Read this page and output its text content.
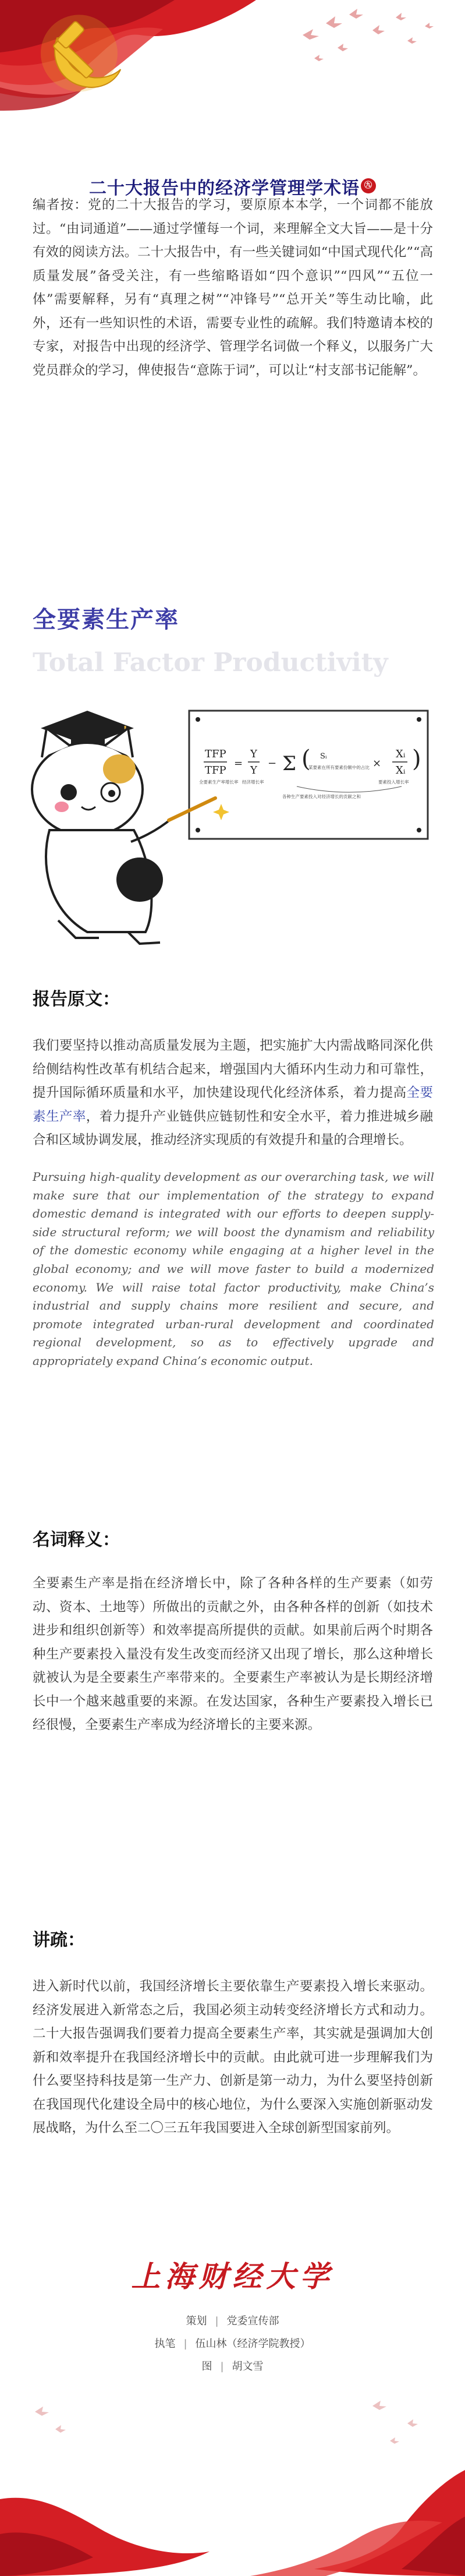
二十大报告中的经济学管理学术语 ㊈
编者按：党的二十大报告的学习，要原原本本学，一个词都不能放过。“由词通道”——通过学懂每一个词，来理解全文大旨——是十分有效的阅读方法。二十大报告中，有一些关键词如“中国式现代化”“高质量发展”备受关注，有一些缩略语如“四个意识”“四风”“五位一体”需要解释，另有“真理之树”“冲锋号”“总开关”等生动比喻，此外，还有一些知识性的术语，需要专业性的疏解。我们特邀请本校的专家，对报告中出现的经济学、管理学名词做一个释义，以服务广大党员群众的学习，俾使报告“意陈于词”，可以让“村支部书记能解”。
全要素生产率
Total Factor Productivity
TFP
TFP
=
Y
Y
− Σ ( Sᵢ
×
Xᵢ
Xᵢ )
全要素生产率增长率 经济增长率
某要素在所有要素份额中的占比
要素投入增长率
各种生产要素投入对经济增长的贡献之和
报告原文：
我们要坚持以推动高质量发展为主题，把实施扩大内需战略同深化供给侧结构性改革有机结合起来，增强国内大循环内生动力和可靠性，提升国际循环质量和水平，加快建设现代化经济体系，着力提高全要素生产率，着力提升产业链供应链韧性和安全水平，着力推进城乡融合和区域协调发展，推动经济实现质的有效提升和量的合理增长。
Pursuing high-quality development as our overarching task, we will make sure that our implementation of the strategy to expand domestic demand is integrated with our efforts to deepen supply-side structural reform; we will boost the dynamism and reliability of the domestic economy while engaging at a higher level in the global economy; and we will move faster to build a modernized economy. We will raise total factor productivity, make China’s industrial and supply chains more resilient and secure, and promote integrated urban-rural development and coordinated regional development, so as to effectively upgrade and appropriately expand China’s economic output.
名词释义：
全要素生产率是指在经济增长中，除了各种各样的生产要素（如劳动、资本、土地等）所做出的贡献之外，由各种各样的创新（如技术进步和组织创新等）和效率提高所提供的贡献。如果前后两个时期各种生产要素投入量没有发生改变而经济又出现了增长，那么这种增长就被认为是全要素生产率带来的。全要素生产率被认为是长期经济增长中一个越来越重要的来源。在发达国家，各种生产要素投入增长已经很慢，全要素生产率成为经济增长的主要来源。
讲疏：
进入新时代以前，我国经济增长主要依靠生产要素投入增长来驱动。经济发展进入新常态之后，我国必须主动转变经济增长方式和动力。二十大报告强调我们要着力提高全要素生产率，其实就是强调加大创新和效率提升在我国经济增长中的贡献。由此就可进一步理解我们为什么要坚持科技是第一生产力、创新是第一动力，为什么要坚持创新在我国现代化建设全局中的核心地位，为什么要深入实施创新驱动发展战略，为什么至二〇三五年我国要进入全球创新型国家前列。
上海财经大学
策划 | 党委宣传部
执笔 | 伍山林（经济学院教授）
图 | 胡文雪
